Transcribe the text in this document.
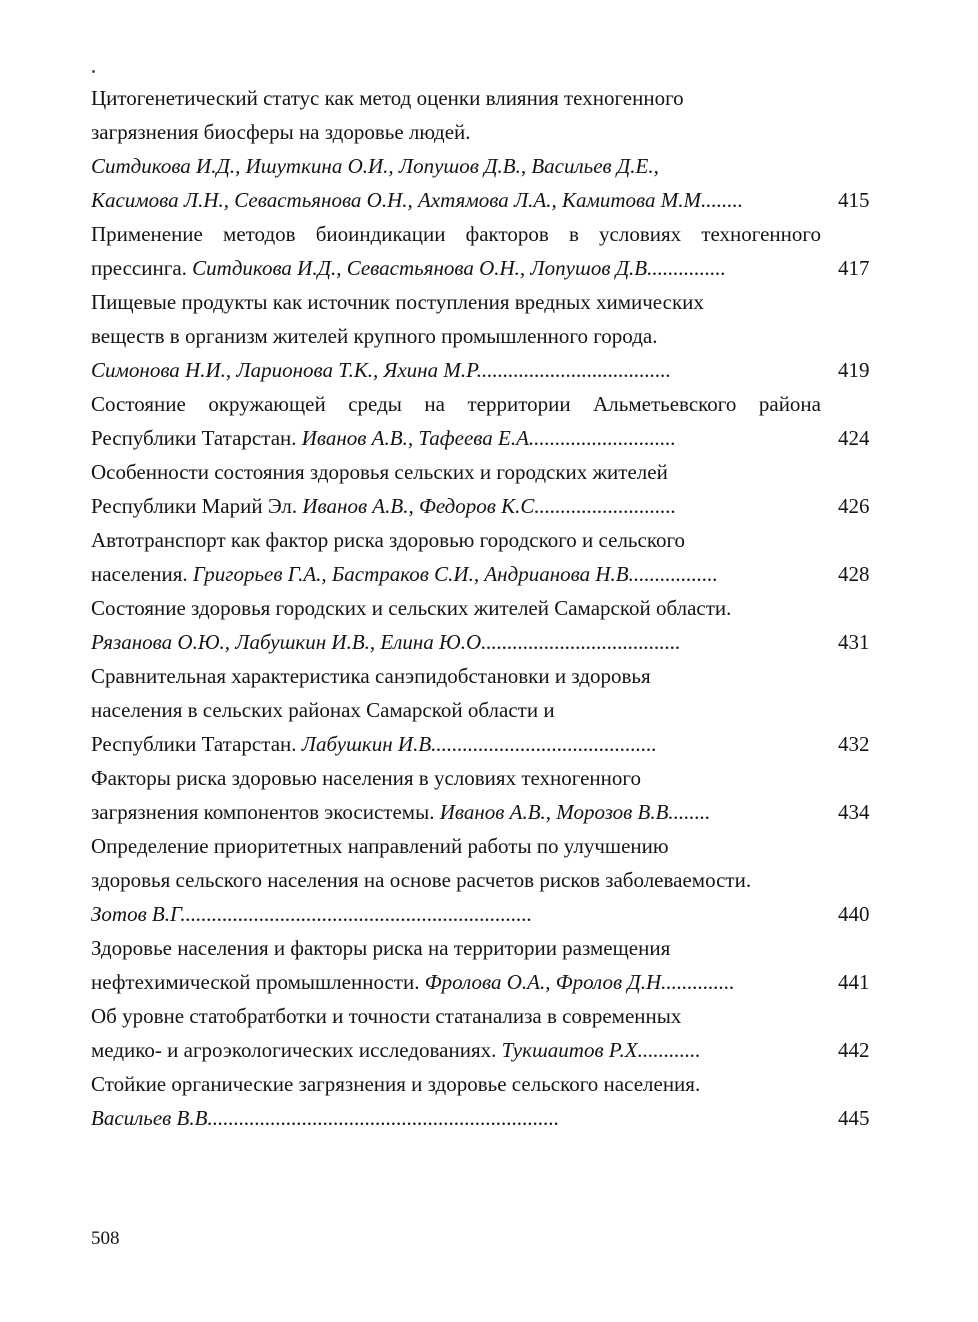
Цитогенетический статус как метод оценки влияния техногенного
загрязнения биосферы на здоровье людей.
Ситдикова И.Д., Ишуткина О.И., Лопушов Д.В., Васильев Д.Е.,
Касимова Л.Н., Севастьянова О.Н., Ахтямова Л.А., Камитова М.М........	415
Применение методов биоиндикации факторов в условиях техногенного
прессинга. Ситдикова И.Д., Севастьянова О.Н., Лопушов Д.В...............	417
Пищевые продукты как источник поступления вредных химических
веществ в организм жителей крупного промышленного города.
Симонова Н.И., Ларионова Т.К., Яхина М.Р.....................................	419
Состояние окружающей среды на территории Альметьевского района
Республики Татарстан. Иванов А.В., Тафеева Е.А............................	424
Особенности состояния здоровья сельских и городских жителей
Республики Марий Эл. Иванов А.В., Федоров К.С...........................	426
Автотранспорт как фактор риска здоровью городского и сельского
населения. Григорьев Г.А., Бастраков С.И., Андрианова Н.В.................	428
Состояние здоровья городских и сельских жителей Самарской области.
Рязанова О.Ю., Лабушкин И.В., Елина Ю.О......................................	431
Сравнительная характеристика санэпидобстановки и здоровья
населения в сельских районах Самарской области и
Республики Татарстан. Лабушкин И.В...........................................	432
Факторы риска здоровью населения в условиях техногенного
загрязнения компонентов экосистемы. Иванов А.В., Морозов В.В........	434
Определение приоритетных направлений работы по улучшению
здоровья сельского населения на основе расчетов рисков заболеваемости.
Зотов В.Г...................................................................	440
Здоровье населения и факторы риска на территории размещения
нефтехимической промышленности. Фролова О.А., Фролов Д.Н..............	441
Об уровне статобратботки и точности статанализа в современных
медико- и агроэкологических исследованиях. Тукшаитов Р.Х............	442
Стойкие органические загрязнения и здоровье сельского населения.
Васильев В.В...................................................................	445
508
